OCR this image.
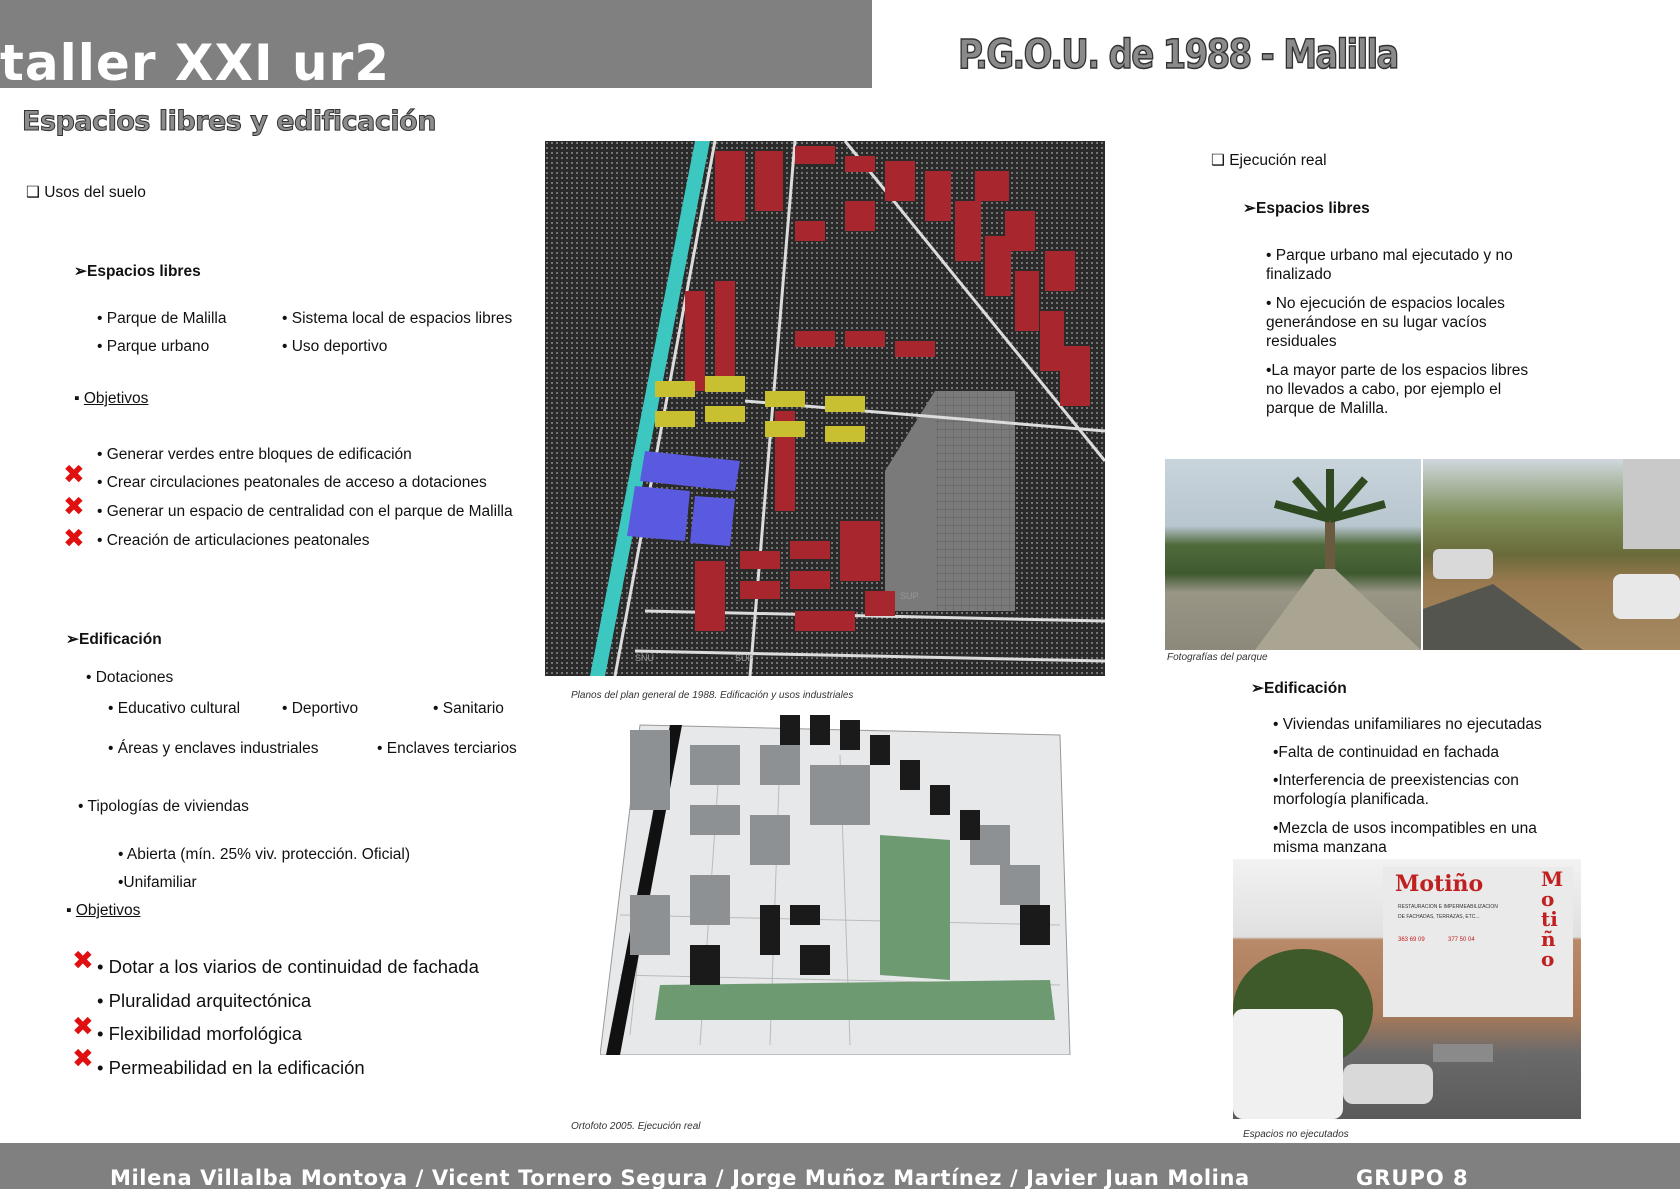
taller XXI ur2	P.G.O.U. de 1988 - Malilla
Espacios libres y edificación
❑ Usos del suelo
➢Espacios libres
• Parque de Malilla	• Sistema local de espacios libres
• Parque urbano	• Uso deportivo
▪ Objetivos
• Generar verdes entre bloques de edificación
• Crear circulaciones peatonales de acceso a dotaciones
• Generar un espacio de centralidad con el parque de Malilla
• Creación de articulaciones peatonales
✖
✖
✖
➢Edificación
• Dotaciones
• Educativo cultural	• Deportivo	• Sanitario
• Áreas y enclaves industriales	• Enclaves terciarios
• Tipologías de viviendas
• Abierta (mín. 25% viv. protección. Oficial)
•Unifamiliar
▪ Objetivos
• Dotar a los viarios de continuidad de fachada
• Pluralidad arquitectónica
• Flexibilidad morfológica
• Permeabilidad en la edificación
✖
✖
✖
SNU	SUP
SUP
Planos del plan general de 1988. Edificación y usos industriales
Ortofoto 2005. Ejecución real
❑ Ejecución real
➢Espacios libres
• Parque urbano mal ejecutado y no finalizado
• No ejecución de espacios locales generándose en su lugar vacíos residuales
•La mayor parte de los espacios libres no llevados a cabo, por ejemplo el parque de Malilla.
Fotografías del parque
➢Edificación
• Viviendas unifamiliares no ejecutadas
•Falta de continuidad en fachada
•Interferencia de preexistencias con morfología planificada.
•Mezcla de usos incompatibles en una misma manzana
Motiño
RESTAURACION E IMPERMEABILIZACION
DE FACHADAS, TERRAZAS, ETC...
363 69 09	377 50 04
Motiño
Espacios no ejecutados
Milena Villalba Montoya / Vicent Tornero Segura / Jorge Muñoz Martínez / Javier Juan Molina	GRUPO 8
